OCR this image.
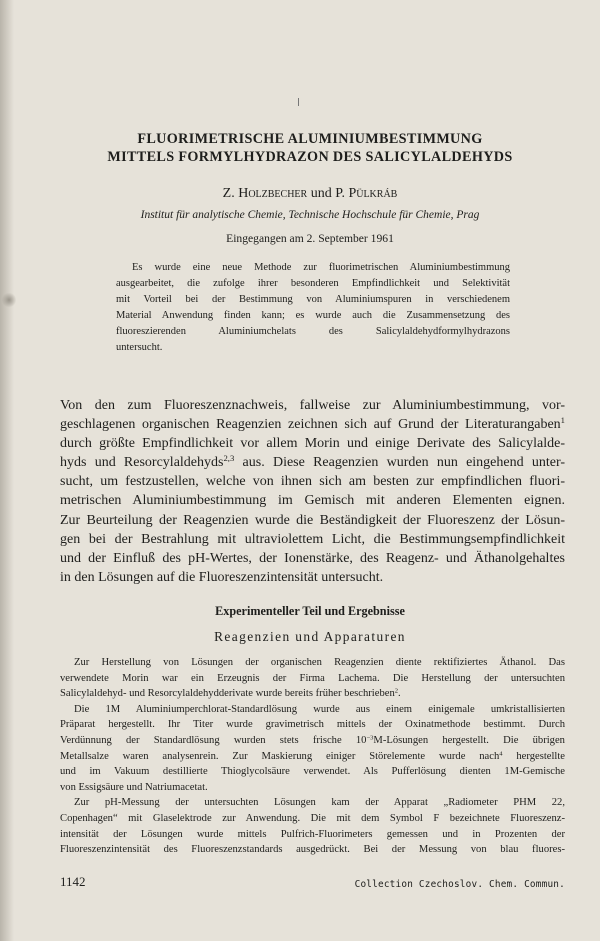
FLUORIMETRISCHE ALUMINIUMBESTIMMUNG
MITTELS FORMYLHYDRAZON DES SALICYLALDEHYDS
Z. Holzbecher und P. Pülkráb
Institut für analytische Chemie, Technische Hochschule für Chemie, Prag
Eingegangen am 2. September 1961
Es wurde eine neue Methode zur fluorimetrischen Aluminiumbestimmung
ausgearbeitet, die zufolge ihrer besonderen Empfindlichkeit und Selektivität
mit Vorteil bei der Bestimmung von Aluminiumspuren in verschiedenem
Material Anwendung finden kann; es wurde auch die Zusammensetzung des
fluoreszierenden Aluminiumchelats des Salicylaldehydformylhydrazons
untersucht.
Von den zum Fluoreszenznachweis, fallweise zur Aluminiumbestimmung, vor-
geschlagenen organischen Reagenzien zeichnen sich auf Grund der Literaturangaben$^1$
durch größte Empfindlichkeit vor allem Morin und einige Derivate des Salicylalde-
hyds und Resorcylaldehyds$^{2,3}$ aus. Diese Reagenzien wurden nun eingehend unter-
sucht, um festzustellen, welche von ihnen sich am besten zur empfindlichen fluori-
metrischen Aluminiumbestimmung im Gemisch mit anderen Elementen eignen.
Zur Beurteilung der Reagenzien wurde die Beständigkeit der Fluoreszenz der Lösun-
gen bei der Bestrahlung mit ultraviolettem Licht, die Bestimmungsempfindlichkeit
und der Einfluß des pH-Wertes, der Ionenstärke, des Reagenz- und Äthanolgehaltes
in den Lösungen auf die Fluoreszenzintensität untersucht.
Experimenteller Teil und Ergebnisse
Reagenzien und Apparaturen
Zur Herstellung von Lösungen der organischen Reagenzien diente rektifiziertes Äthanol. Das
verwendete Morin war ein Erzeugnis der Firma Lachema. Die Herstellung der untersuchten
Salicylaldehyd- und Resorcylaldehydderivate wurde bereits früher beschrieben$^2$.
Die 1M Aluminiumperchlorat-Standardlösung wurde aus einem einigemale umkristallisierten
Präparat hergestellt. Ihr Titer wurde gravimetrisch mittels der Oxinatmethode bestimmt. Durch
Verdünnung der Standardlösung wurden stets frische $10^{-3}M$-Lösungen hergestellt. Die übrigen
Metallsalze waren analysenrein. Zur Maskierung einiger Störelemente wurde nach$^4$ hergestellte
und im Vakuum destillierte Thioglycolsäure verwendet. Als Pufferlösung dienten 1M-Gemische
von Essigsäure und Natriumacetat.
Zur pH-Messung der untersuchten Lösungen kam der Apparat „Radiometer PHM 22,
Copenhagen“ mit Glaselektrode zur Anwendung. Die mit dem Symbol F bezeichnete Fluoreszenz-
intensität der Lösungen wurde mittels Pulfrich-Fluorimeters gemessen und in Prozenten der
Fluoreszenzintensität des Fluoreszenzstandards ausgedrückt. Bei der Messung von blau fluores-
1142	Collection Czechoslov. Chem. Commun.
